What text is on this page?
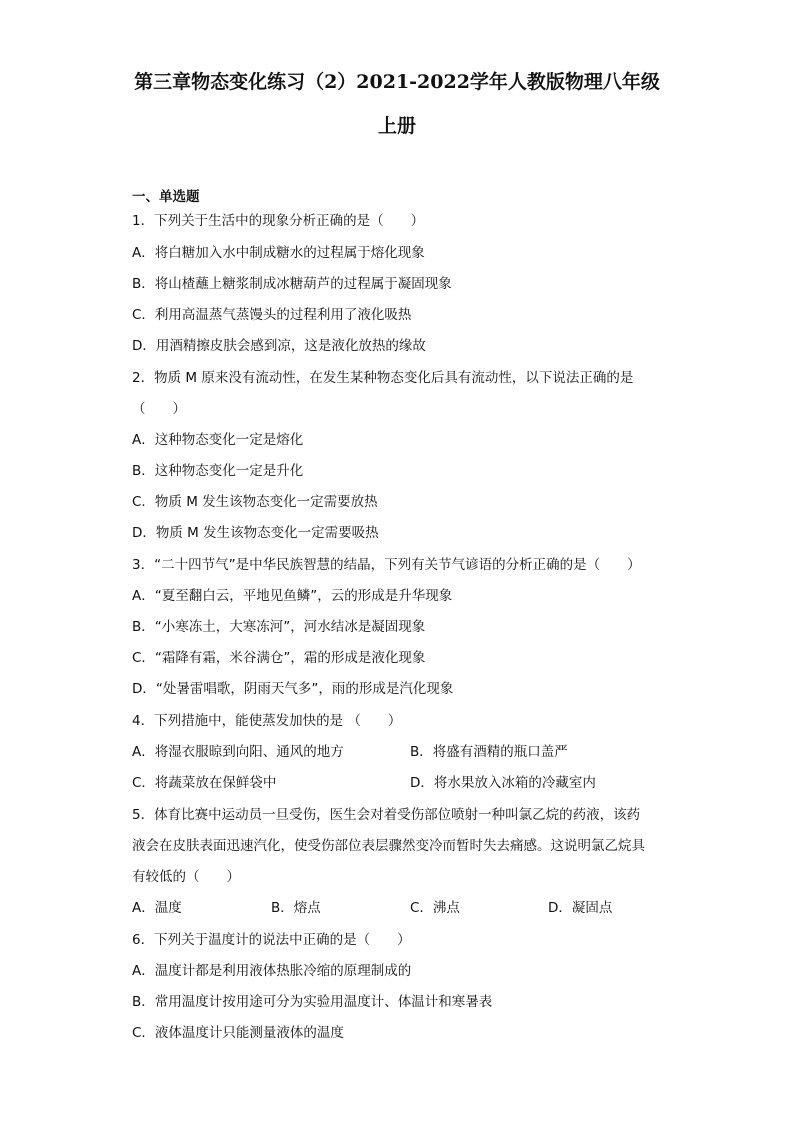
第三章物态变化练习（2）2021-2022学年人教版物理八年级
上册
一、单选题
1．下列关于生活中的现象分析正确的是（　　）
A．将白糖加入水中制成糖水的过程属于熔化现象
B．将山楂蘸上糖浆制成冰糖葫芦的过程属于凝固现象
C．利用高温蒸气蒸馒头的过程利用了液化吸热
D．用酒精擦皮肤会感到凉，这是液化放热的缘故
2．物质 M 原来没有流动性，在发生某种物态变化后具有流动性，以下说法正确的是
（　　）
A．这种物态变化一定是熔化
B．这种物态变化一定是升化
C．物质 M 发生该物态变化一定需要放热
D．物质 M 发生该物态变化一定需要吸热
3．“二十四节气”是中华民族智慧的结晶，下列有关节气谚语的分析正确的是（　　）
A．“夏至翻白云，平地见鱼鳞”，云的形成是升华现象
B．“小寒冻土，大寒冻河”，河水结冰是凝固现象
C．“霜降有霜，米谷满仓”，霜的形成是液化现象
D．“处暑雷唱歌，阴雨天气多”，雨的形成是汽化现象
4．下列措施中，能使蒸发加快的是 （　　）
A．将湿衣服晾到向阳、通风的地方	B．将盛有酒精的瓶口盖严
C．将蔬菜放在保鲜袋中	D．将水果放入冰箱的冷藏室内
5．体育比赛中运动员一旦受伤，医生会对着受伤部位喷射一种叫氯乙烷的药液，该药
液会在皮肤表面迅速汽化，使受伤部位表层骤然变冷而暂时失去痛感。这说明氯乙烷具
有较低的（　　）
A．温度	B．熔点	C．沸点	D．凝固点
6．下列关于温度计的说法中正确的是（　　）
A．温度计都是利用液体热胀冷缩的原理制成的
B．常用温度计按用途可分为实验用温度计、体温计和寒暑表
C．液体温度计只能测量液体的温度
